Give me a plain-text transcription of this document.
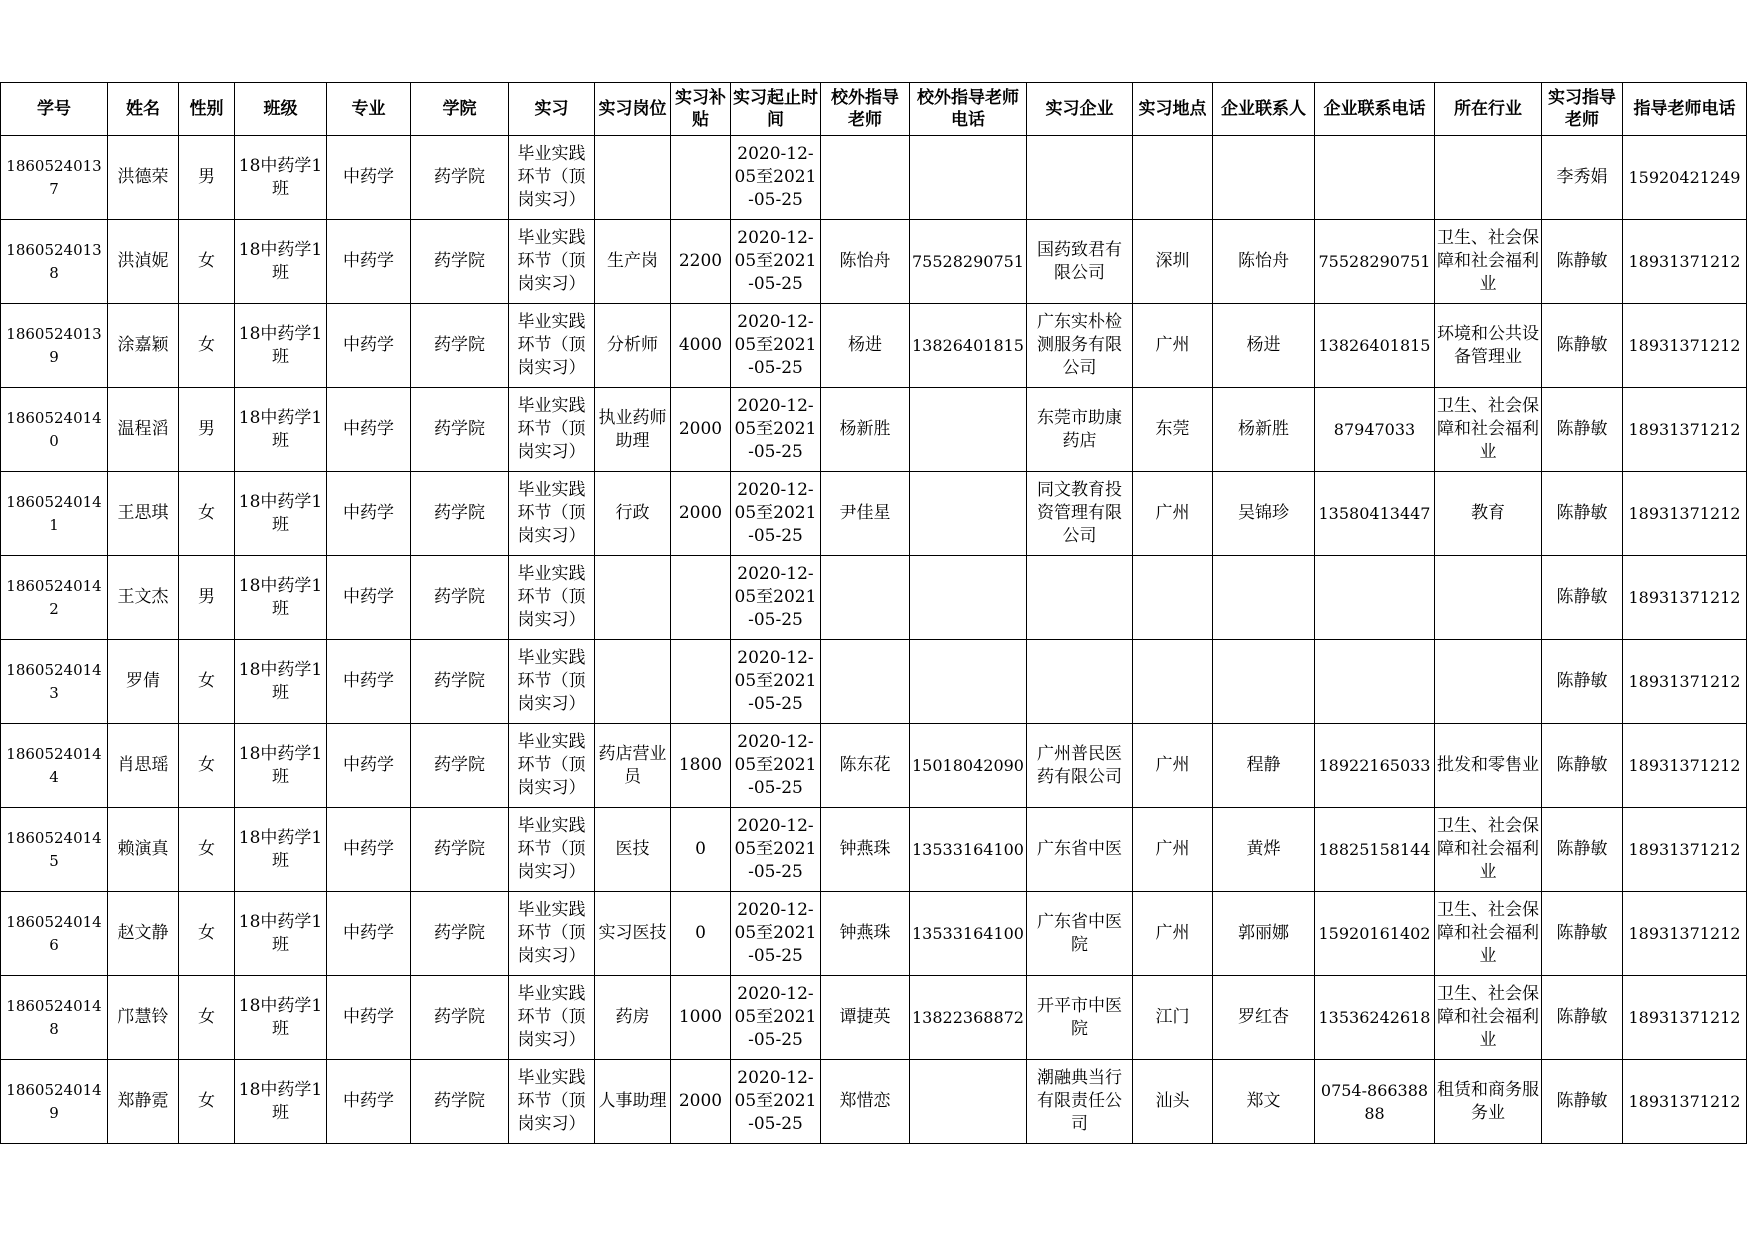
学号	姓名	性别	班级	专业	学院	实习	实习岗位	实习补贴	实习起止时间	校外指导老师	校外指导老师电话	实习企业	实习地点	企业联系人	企业联系电话	所在行业	实习指导老师	指导老师电话

18605240137	洪德荣	男	18中药学1班	中药学	药学院	毕业实践环节（顶岗实习）			2020-12-05至2021-05-25								李秀娟	15920421249

18605240138	洪湞妮	女	18中药学1班	中药学	药学院	毕业实践环节（顶岗实习）	生产岗	2200	2020-12-05至2021-05-25	陈怡舟	75528290751	国药致君有限公司	深圳	陈怡舟	75528290751	卫生、社会保障和社会福利业	陈静敏	18931371212

18605240139	涂嘉颖	女	18中药学1班	中药学	药学院	毕业实践环节（顶岗实习）	分析师	4000	2020-12-05至2021-05-25	杨进	13826401815	广东实朴检测服务有限公司	广州	杨进	13826401815	环境和公共设备管理业	陈静敏	18931371212

18605240140	温程滔	男	18中药学1班	中药学	药学院	毕业实践环节（顶岗实习）	执业药师助理	2000	2020-12-05至2021-05-25	杨新胜		东莞市助康药店	东莞	杨新胜	87947033	卫生、社会保障和社会福利业	陈静敏	18931371212

18605240141	王思琪	女	18中药学1班	中药学	药学院	毕业实践环节（顶岗实习）	行政	2000	2020-12-05至2021-05-25	尹佳星		同文教育投资管理有限公司	广州	吴锦珍	13580413447	教育	陈静敏	18931371212

18605240142	王文杰	男	18中药学1班	中药学	药学院	毕业实践环节（顶岗实习）			2020-12-05至2021-05-25								陈静敏	18931371212

18605240143	罗倩	女	18中药学1班	中药学	药学院	毕业实践环节（顶岗实习）			2020-12-05至2021-05-25								陈静敏	18931371212

18605240144	肖思瑶	女	18中药学1班	中药学	药学院	毕业实践环节（顶岗实习）	药店营业员	1800	2020-12-05至2021-05-25	陈东花	15018042090	广州普民医药有限公司	广州	程静	18922165033	批发和零售业	陈静敏	18931371212

18605240145	赖演真	女	18中药学1班	中药学	药学院	毕业实践环节（顶岗实习）	医技	0	2020-12-05至2021-05-25	钟燕珠	13533164100	广东省中医	广州	黄烨	18825158144	卫生、社会保障和社会福利业	陈静敏	18931371212

18605240146	赵文静	女	18中药学1班	中药学	药学院	毕业实践环节（顶岗实习）	实习医技	0	2020-12-05至2021-05-25	钟燕珠	13533164100	广东省中医院	广州	郭丽娜	15920161402	卫生、社会保障和社会福利业	陈静敏	18931371212

18605240148	邝慧铃	女	18中药学1班	中药学	药学院	毕业实践环节（顶岗实习）	药房	1000	2020-12-05至2021-05-25	谭捷英	13822368872	开平市中医院	江门	罗红杏	13536242618	卫生、社会保障和社会福利业	陈静敏	18931371212

18605240149	郑静霓	女	18中药学1班	中药学	药学院	毕业实践环节（顶岗实习）	人事助理	2000	2020-12-05至2021-05-25	郑惜恋		潮融典当行有限责任公司	汕头	郑文	0754-86638888	租赁和商务服务业	陈静敏	18931371212
